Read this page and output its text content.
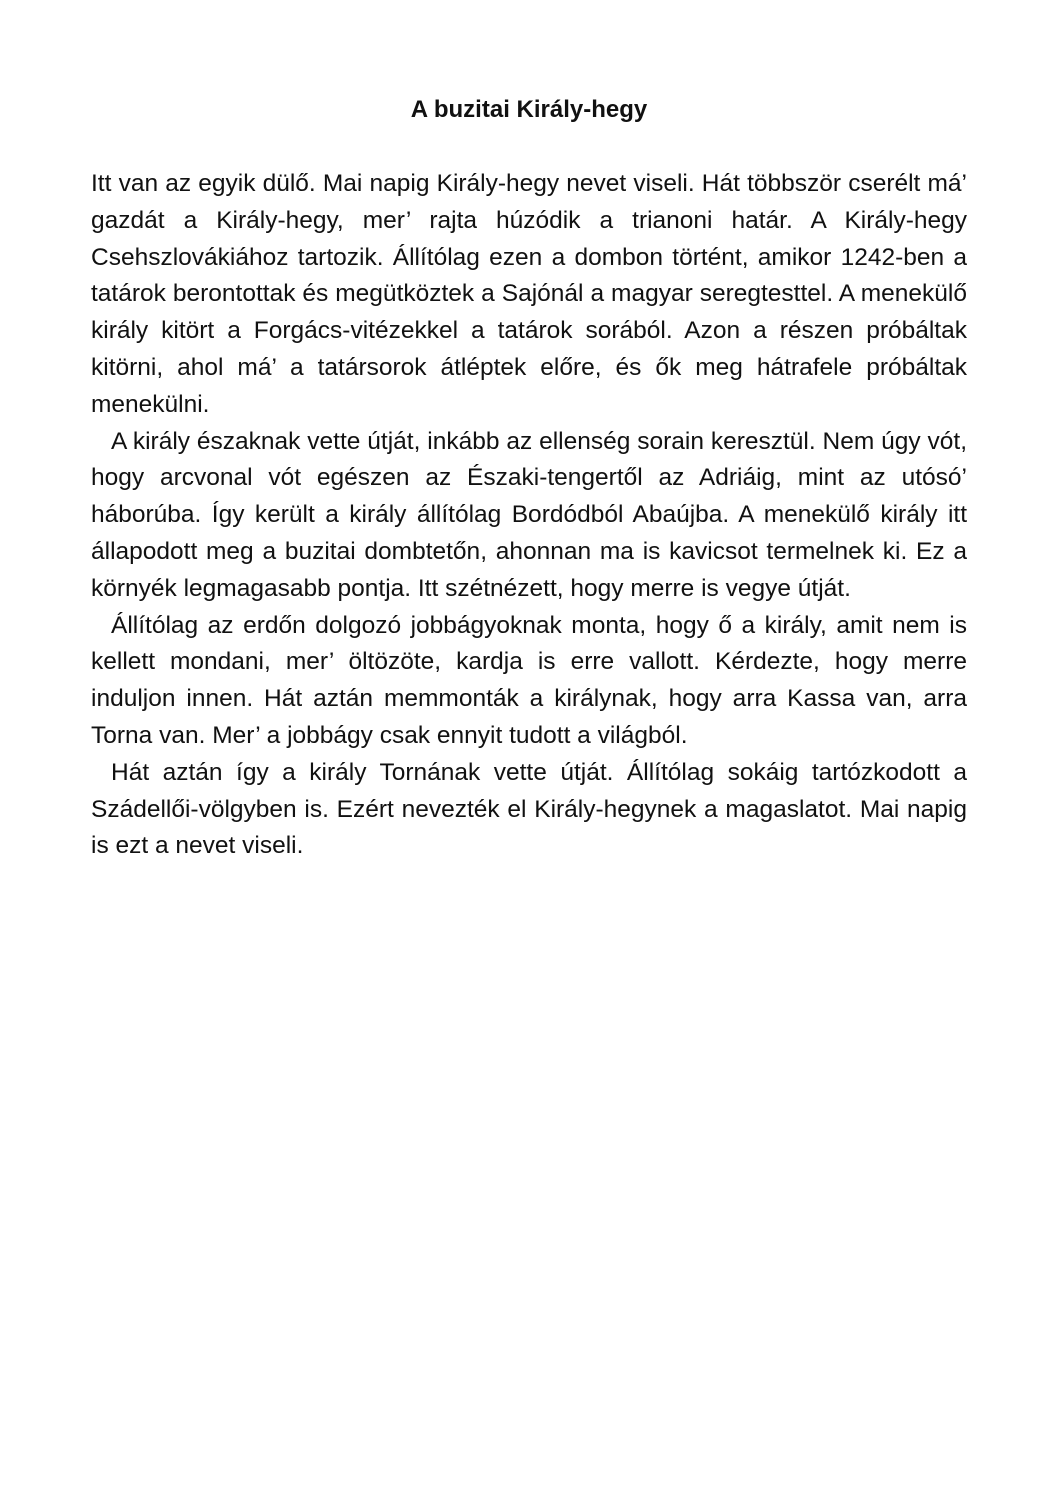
A buzitai Király-hegy

Itt van az egyik dülő. Mai napig Király-hegy nevet viseli. Hát többször cserélt má’ gazdát a Király-hegy, mer’ rajta húzódik a trianoni határ. A Király-hegy Csehszlovákiához tartozik. Állítólag ezen a dombon történt, amikor 1242-ben a tatárok berontottak és megütköztek a Sajónál a magyar seregtesttel. A menekülő király kitört a Forgács-vitézekkel a tatárok sorából. Azon a részen próbáltak kitörni, ahol má’ a tatársorok átléptek előre, és ők meg hátrafele próbáltak menekülni.

A király északnak vette útját, inkább az ellenség sorain keresztül. Nem úgy vót, hogy arcvonal vót egészen az Északi-tengertől az Adriáig, mint az utósó’ háborúba. Így került a király állítólag Bordódból Abaújba. A menekülő király itt állapodott meg a buzitai dombtetőn, ahonnan ma is kavicsot termelnek ki. Ez a környék legmagasabb pontja. Itt szétnézett, hogy merre is vegye útját.

Állítólag az erdőn dolgozó jobbágyoknak monta, hogy ő a király, amit nem is kellett mondani, mer’ öltözöte, kardja is erre vallott. Kérdezte, hogy merre induljon innen. Hát aztán memmonták a királynak, hogy arra Kassa van, arra Torna van. Mer’ a jobbágy csak ennyit tudott a világból.

Hát aztán így a király Tornának vette útját. Állítólag sokáig tartózkodott a Szádellői-völgyben is. Ezért nevezték el Király-hegynek a magaslatot. Mai napig is ezt a nevet viseli.
